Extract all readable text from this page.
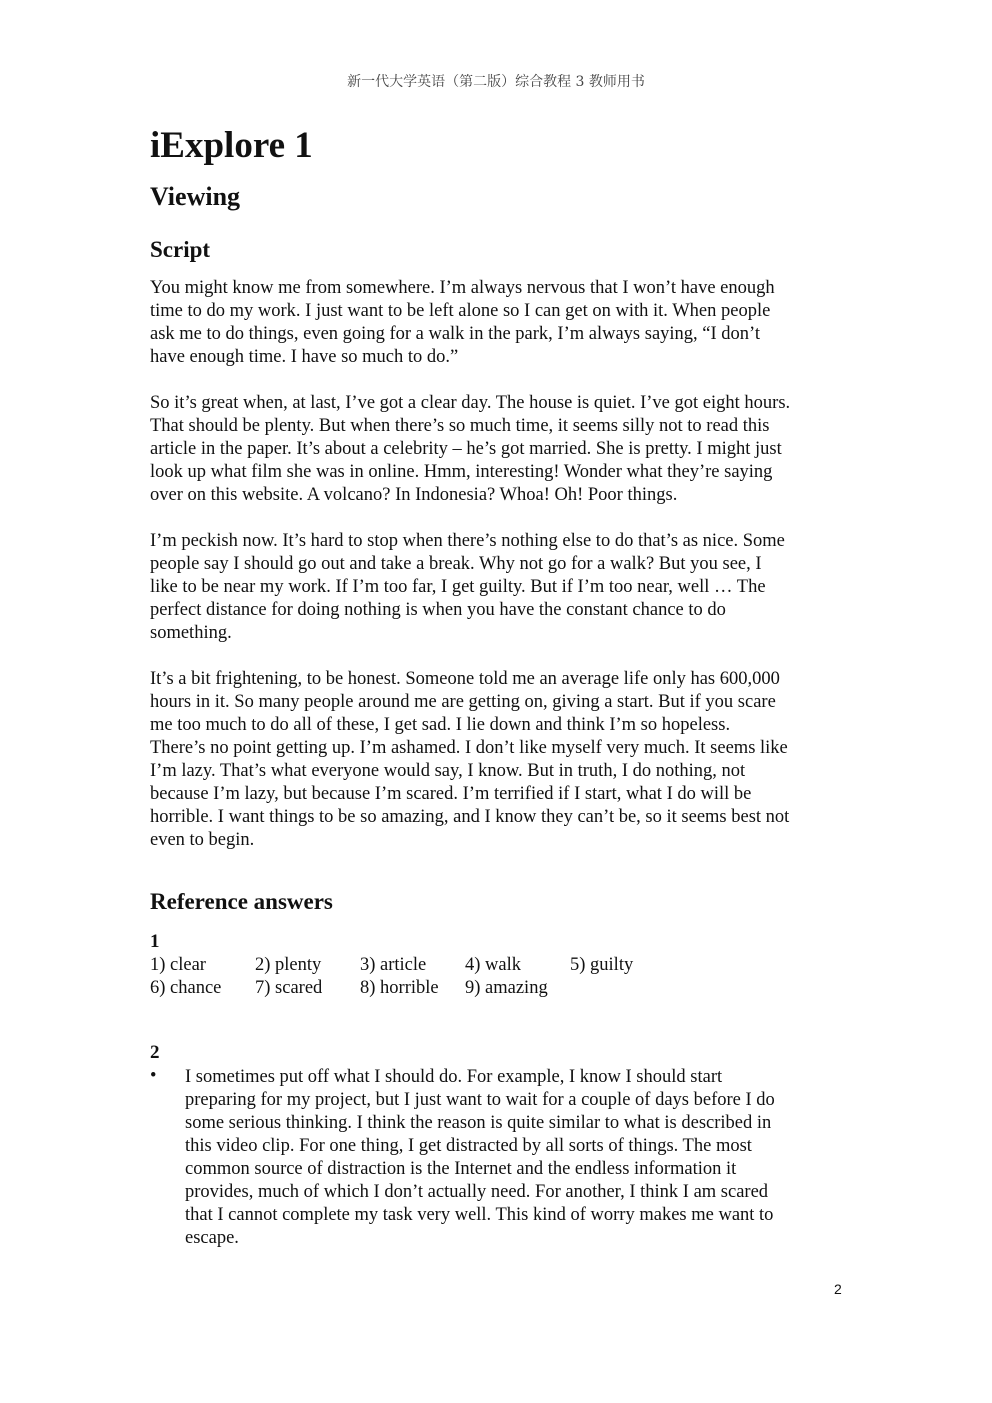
新一代大学英语（第二版）综合教程 3 教师用书
iExplore 1
Viewing
Script
You might know me from somewhere. I’m always nervous that I won’t have enough
time to do my work. I just want to be left alone so I can get on with it. When people
ask me to do things, even going for a walk in the park, I’m always saying, “I don’t
have enough time. I have so much to do.”
So it’s great when, at last, I’ve got a clear day. The house is quiet. I’ve got eight hours.
That should be plenty. But when there’s so much time, it seems silly not to read this
article in the paper. It’s about a celebrity – he’s got married. She is pretty. I might just
look up what film she was in online. Hmm, interesting! Wonder what they’re saying
over on this website. A volcano? In Indonesia? Whoa! Oh! Poor things.
I’m peckish now. It’s hard to stop when there’s nothing else to do that’s as nice. Some
people say I should go out and take a break. Why not go for a walk? But you see, I
like to be near my work. If I’m too far, I get guilty. But if I’m too near, well … The
perfect distance for doing nothing is when you have the constant chance to do
something.
It’s a bit frightening, to be honest. Someone told me an average life only has 600,000
hours in it. So many people around me are getting on, giving a start. But if you scare
me too much to do all of these, I get sad. I lie down and think I’m so hopeless.
There’s no point getting up. I’m ashamed. I don’t like myself very much. It seems like
I’m lazy. That’s what everyone would say, I know. But in truth, I do nothing, not
because I’m lazy, but because I’m scared. I’m terrified if I start, what I do will be
horrible. I want things to be so amazing, and I know they can’t be, so it seems best not
even to begin.
Reference answers
1
1) clear	2) plenty 3) article 4) walk	5) guilty
6) chance 7) scared 8) horrible 9) amazing
2
• I sometimes put off what I should do. For example, I know I should start
preparing for my project, but I just want to wait for a couple of days before I do
some serious thinking. I think the reason is quite similar to what is described in
this video clip. For one thing, I get distracted by all sorts of things. The most
common source of distraction is the Internet and the endless information it
provides, much of which I don’t actually need. For another, I think I am scared
that I cannot complete my task very well. This kind of worry makes me want to
escape.
2
